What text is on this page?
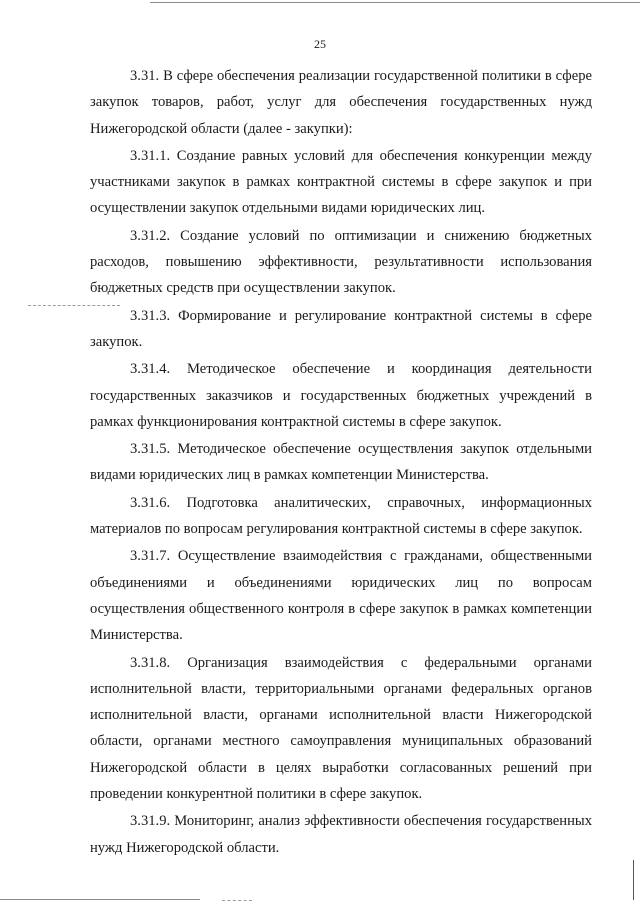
25

3.31. В сфере обеспечения реализации государственной политики в сфере закупок товаров, работ, услуг для обеспечения государственных нужд Нижегородской области (далее - закупки):

3.31.1. Создание равных условий для обеспечения конкуренции между участниками закупок в рамках контрактной системы в сфере закупок и при осуществлении закупок отдельными видами юридических лиц.

3.31.2. Создание условий по оптимизации и снижению бюджетных расходов, повышению эффективности, результативности использования бюджетных средств при осуществлении закупок.

3.31.3. Формирование и регулирование контрактной системы в сфере закупок.

3.31.4. Методическое обеспечение и координация деятельности государственных заказчиков и государственных бюджетных учреждений в рамках функционирования контрактной системы в сфере закупок.

3.31.5. Методическое обеспечение осуществления закупок отдельными видами юридических лиц в рамках компетенции Министерства.

3.31.6. Подготовка аналитических, справочных, информационных материалов по вопросам регулирования контрактной системы в сфере закупок.

3.31.7. Осуществление взаимодействия с гражданами, общественными объединениями и объединениями юридических лиц по вопросам осуществления общественного контроля в сфере закупок в рамках компетенции Министерства.

3.31.8. Организация взаимодействия с федеральными органами исполнительной власти, территориальными органами федеральных органов исполнительной власти, органами исполнительной власти Нижегородской области, органами местного самоуправления муниципальных образований Нижегородской области в целях выработки согласованных решений при проведении конкурентной политики в сфере закупок.

3.31.9. Мониторинг, анализ эффективности обеспечения государственных нужд Нижегородской области.
